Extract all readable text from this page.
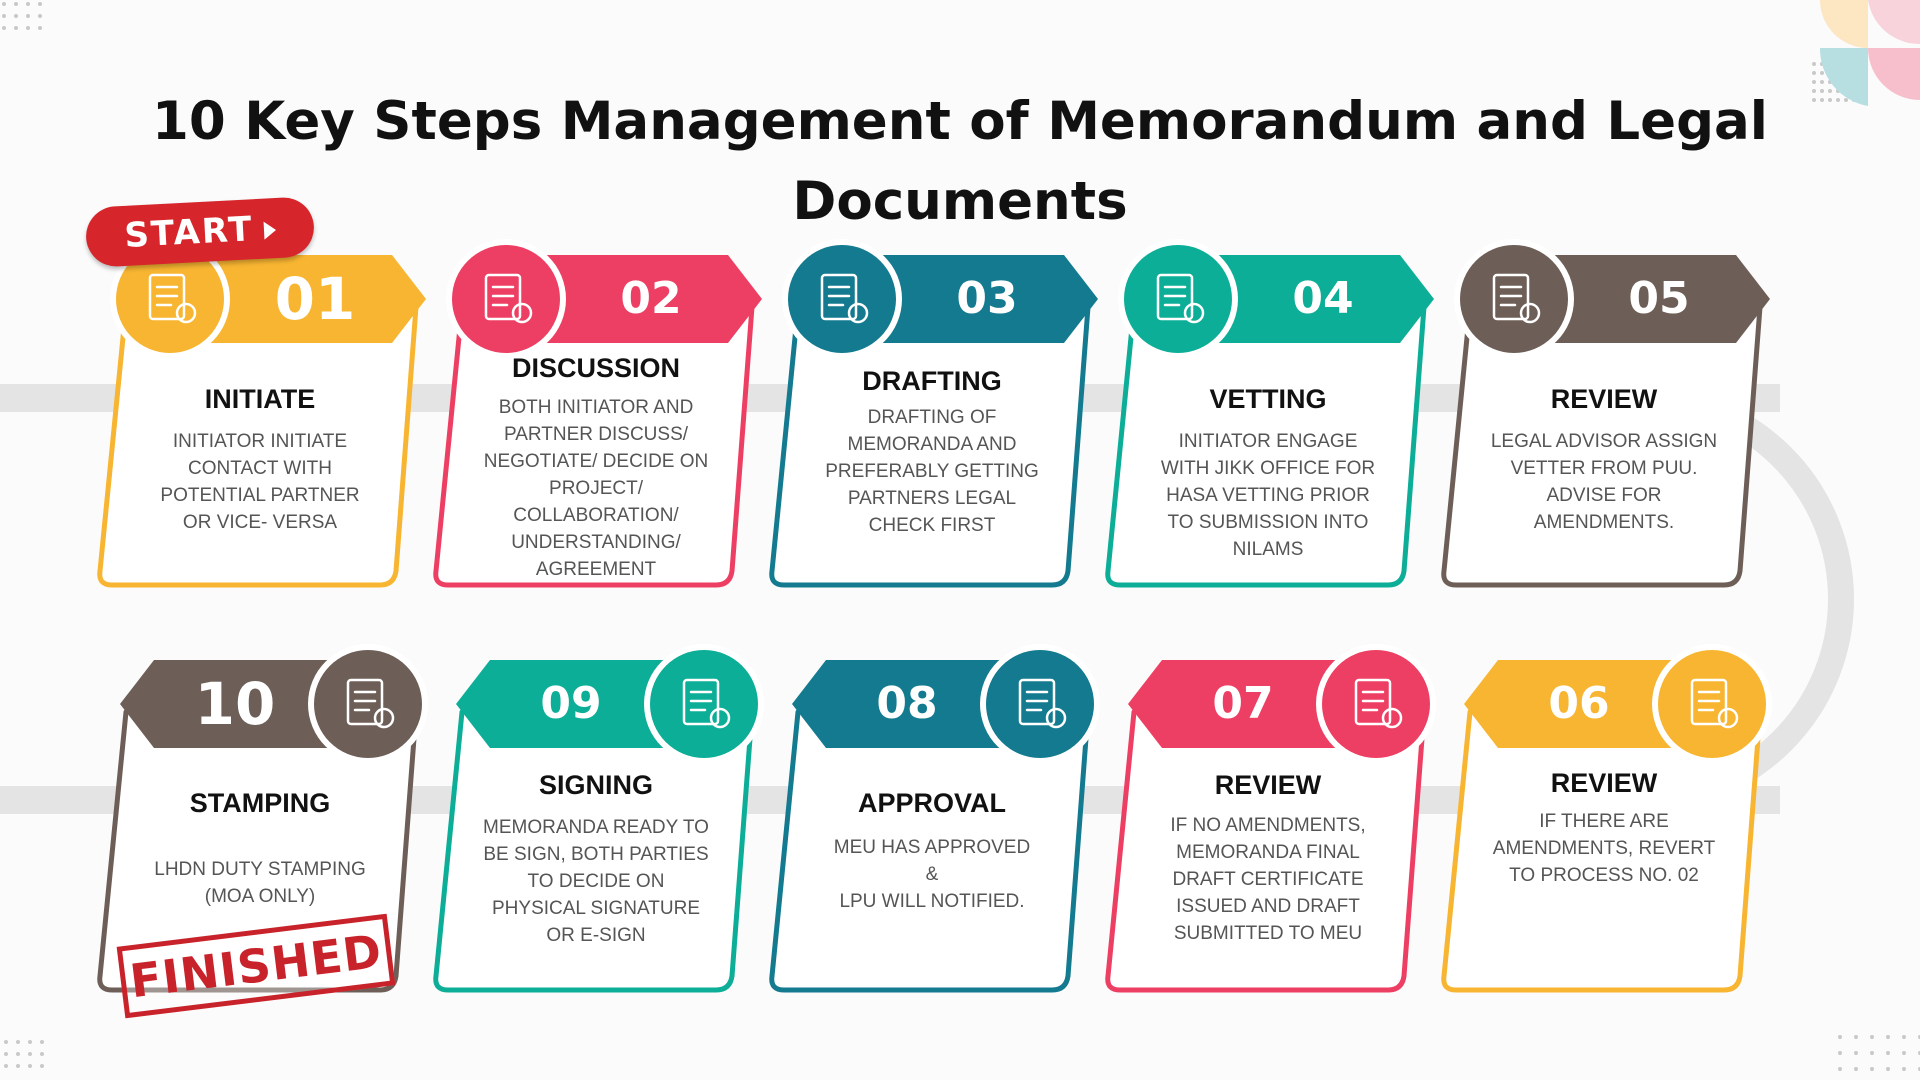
10 Key Steps Management of Memorandum and Legal
Documents
01
INITIATE
INITIATOR INITIATE
CONTACT WITH
POTENTIAL PARTNER
OR VICE- VERSA
02
DISCUSSION
BOTH INITIATOR AND
PARTNER DISCUSS/
NEGOTIATE/ DECIDE ON
PROJECT/
COLLABORATION/
UNDERSTANDING/
AGREEMENT
03
DRAFTING
DRAFTING OF
MEMORANDA AND
PREFERABLY GETTING
PARTNERS LEGAL
CHECK FIRST
04
VETTING
INITIATOR ENGAGE
WITH JIKK OFFICE FOR
HASA VETTING PRIOR
TO SUBMISSION INTO
NILAMS
05
REVIEW
LEGAL ADVISOR ASSIGN
VETTER FROM PUU.
ADVISE FOR
AMENDMENTS.
06
REVIEW
IF THERE ARE
AMENDMENTS, REVERT
TO PROCESS NO. 02
07
REVIEW
IF NO AMENDMENTS,
MEMORANDA FINAL
DRAFT CERTIFICATE
ISSUED AND DRAFT
SUBMITTED TO MEU
08
APPROVAL
MEU HAS APPROVED
&
LPU WILL NOTIFIED.
09
SIGNING
MEMORANDA READY TO
BE SIGN, BOTH PARTIES
TO DECIDE ON
PHYSICAL SIGNATURE
OR E-SIGN
10
STAMPING
LHDN DUTY STAMPING
(MOA ONLY)
START
FINISHED
